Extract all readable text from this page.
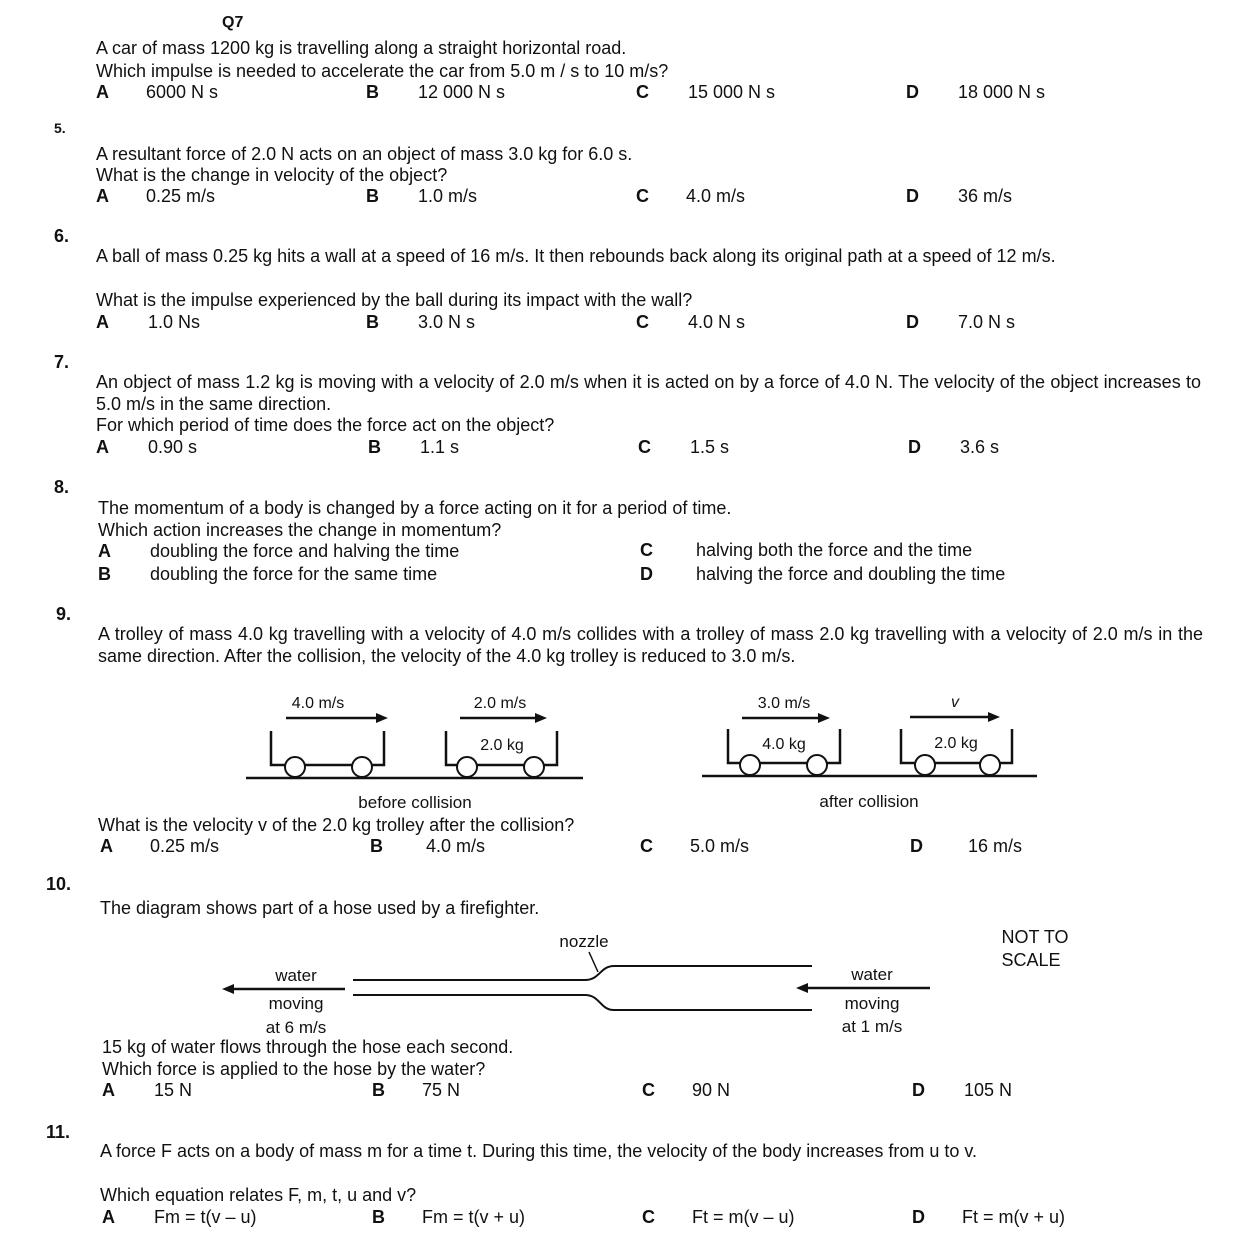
Q7
A car of mass 1200 kg is travelling along a straight horizontal road.
Which impulse is needed to accelerate the car from 5.0 m / s to 10 m/s?
A 6000 N s	B 12 000 N s	C 15 000 N s	D 18 000 N s
5.
A resultant force of 2.0 N acts on an object of mass 3.0 kg for 6.0 s.
What is the change in velocity of the object?
A 0.25 m/s	B 1.0 m/s	C 4.0 m/s	D 36 m/s
6.
A ball of mass 0.25 kg hits a wall at a speed of 16 m/s. It then rebounds back along its original path at a speed of 12 m/s.
What is the impulse experienced by the ball during its impact with the wall?
A 1.0 Ns	B 3.0 N s	C 4.0 N s	D 7.0 N s
7.
An object of mass 1.2 kg is moving with a velocity of 2.0 m/s when it is acted on by a force of 4.0 N. The velocity of the object increases to 5.0 m/s in the same direction.
For which period of time does the force act on the object?
A 0.90 s	B 1.1 s	C 1.5 s	D 3.6 s
8.
The momentum of a body is changed by a force acting on it for a period of time.
Which action increases the change in momentum?
A doubling the force and halving the time
B doubling the force for the same time
C halving both the force and the time
D halving the force and doubling the time
9.
A trolley of mass 4.0 kg travelling with a velocity of 4.0 m/s collides with a trolley of mass 2.0 kg travelling with a velocity of 2.0 m/s in the same direction. After the collision, the velocity of the 4.0 kg trolley is reduced to 3.0 m/s.
4.0 m/s	2.0 m/s
2.0 kg
before collision
3.0 m/s
4.0 kg
v
2.0 kg
after collision
What is the velocity v of the 2.0 kg trolley after the collision?
A 0.25 m/s	B 4.0 m/s	C 5.0 m/s	D	16 m/s
10.
The diagram shows part of a hose used by a firefighter.
nozzle	NOT TO
SCALE
water
moving
at 6 m/s
water
moving
at 1 m/s
15 kg of water flows through the hose each second.
Which force is applied to the hose by the water?
A 15 N	B 75 N	C 90 N	D 105 N
11.
A force F acts on a body of mass m for a time t. During this time, the velocity of the body increases from u to v.
Which equation relates F, m, t, u and v?
A Fm = t(v – u)	B Fm = t(v + u)	C Ft = m(v – u)	D Ft = m(v + u)
